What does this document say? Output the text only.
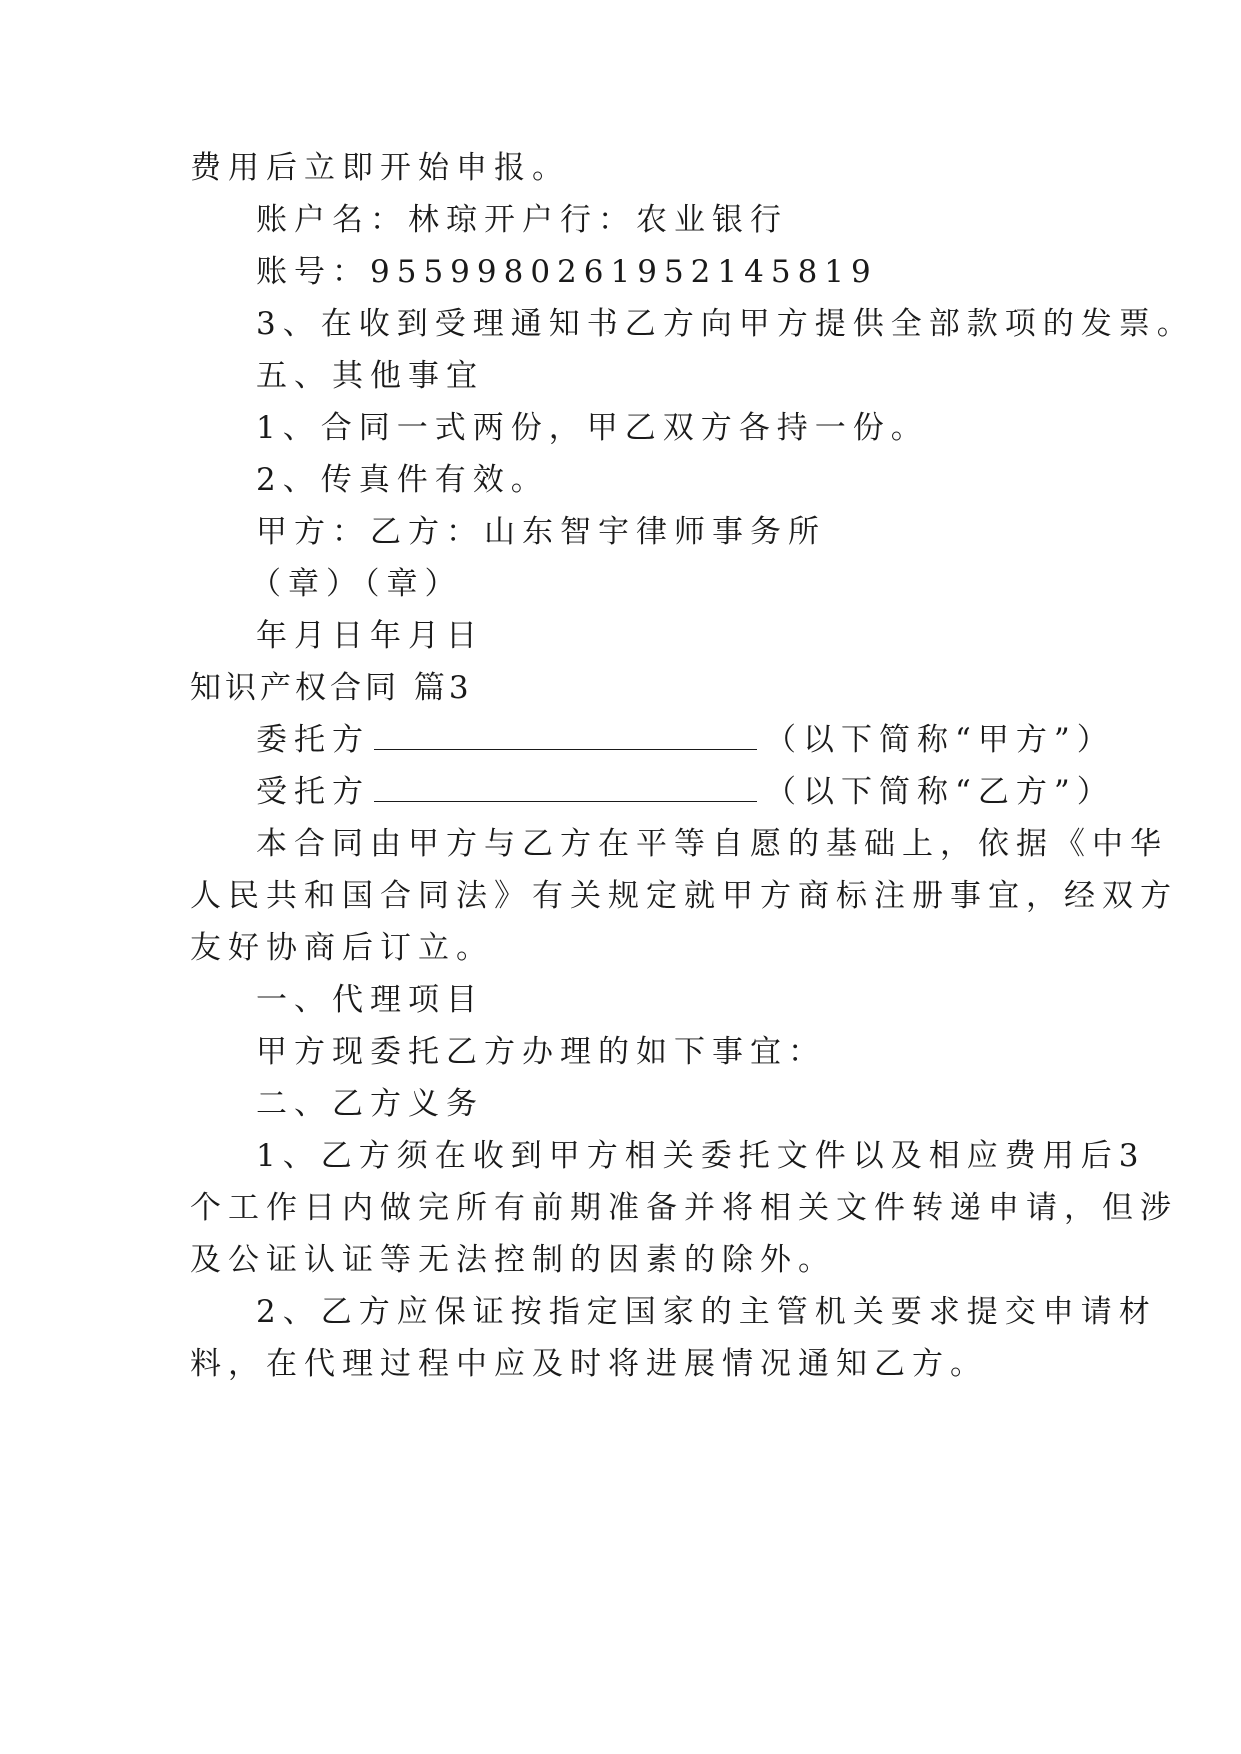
费用后立即开始申报。
账户名：林琼开户行：农业银行
账号：9559980261952145819
3、在收到受理通知书乙方向甲方提供全部款项的发票。
五、其他事宜
1、合同一式两份，甲乙双方各持一份。
2、传真件有效。
甲方：乙方：山东智宇律师事务所
（章）（章）
年月日年月日
知识产权合同 篇3
委托方	（以下简称“甲方”）
受托方	（以下简称“乙方”）
本合同由甲方与乙方在平等自愿的基础上，依据《中华
人民共和国合同法》有关规定就甲方商标注册事宜，经双方
友好协商后订立。
一、代理项目
甲方现委托乙方办理的如下事宜：
二、乙方义务
1、乙方须在收到甲方相关委托文件以及相应费用后3
个工作日内做完所有前期准备并将相关文件转递申请，但涉
及公证认证等无法控制的因素的除外。
2、乙方应保证按指定国家的主管机关要求提交申请材
料，在代理过程中应及时将进展情况通知乙方。
